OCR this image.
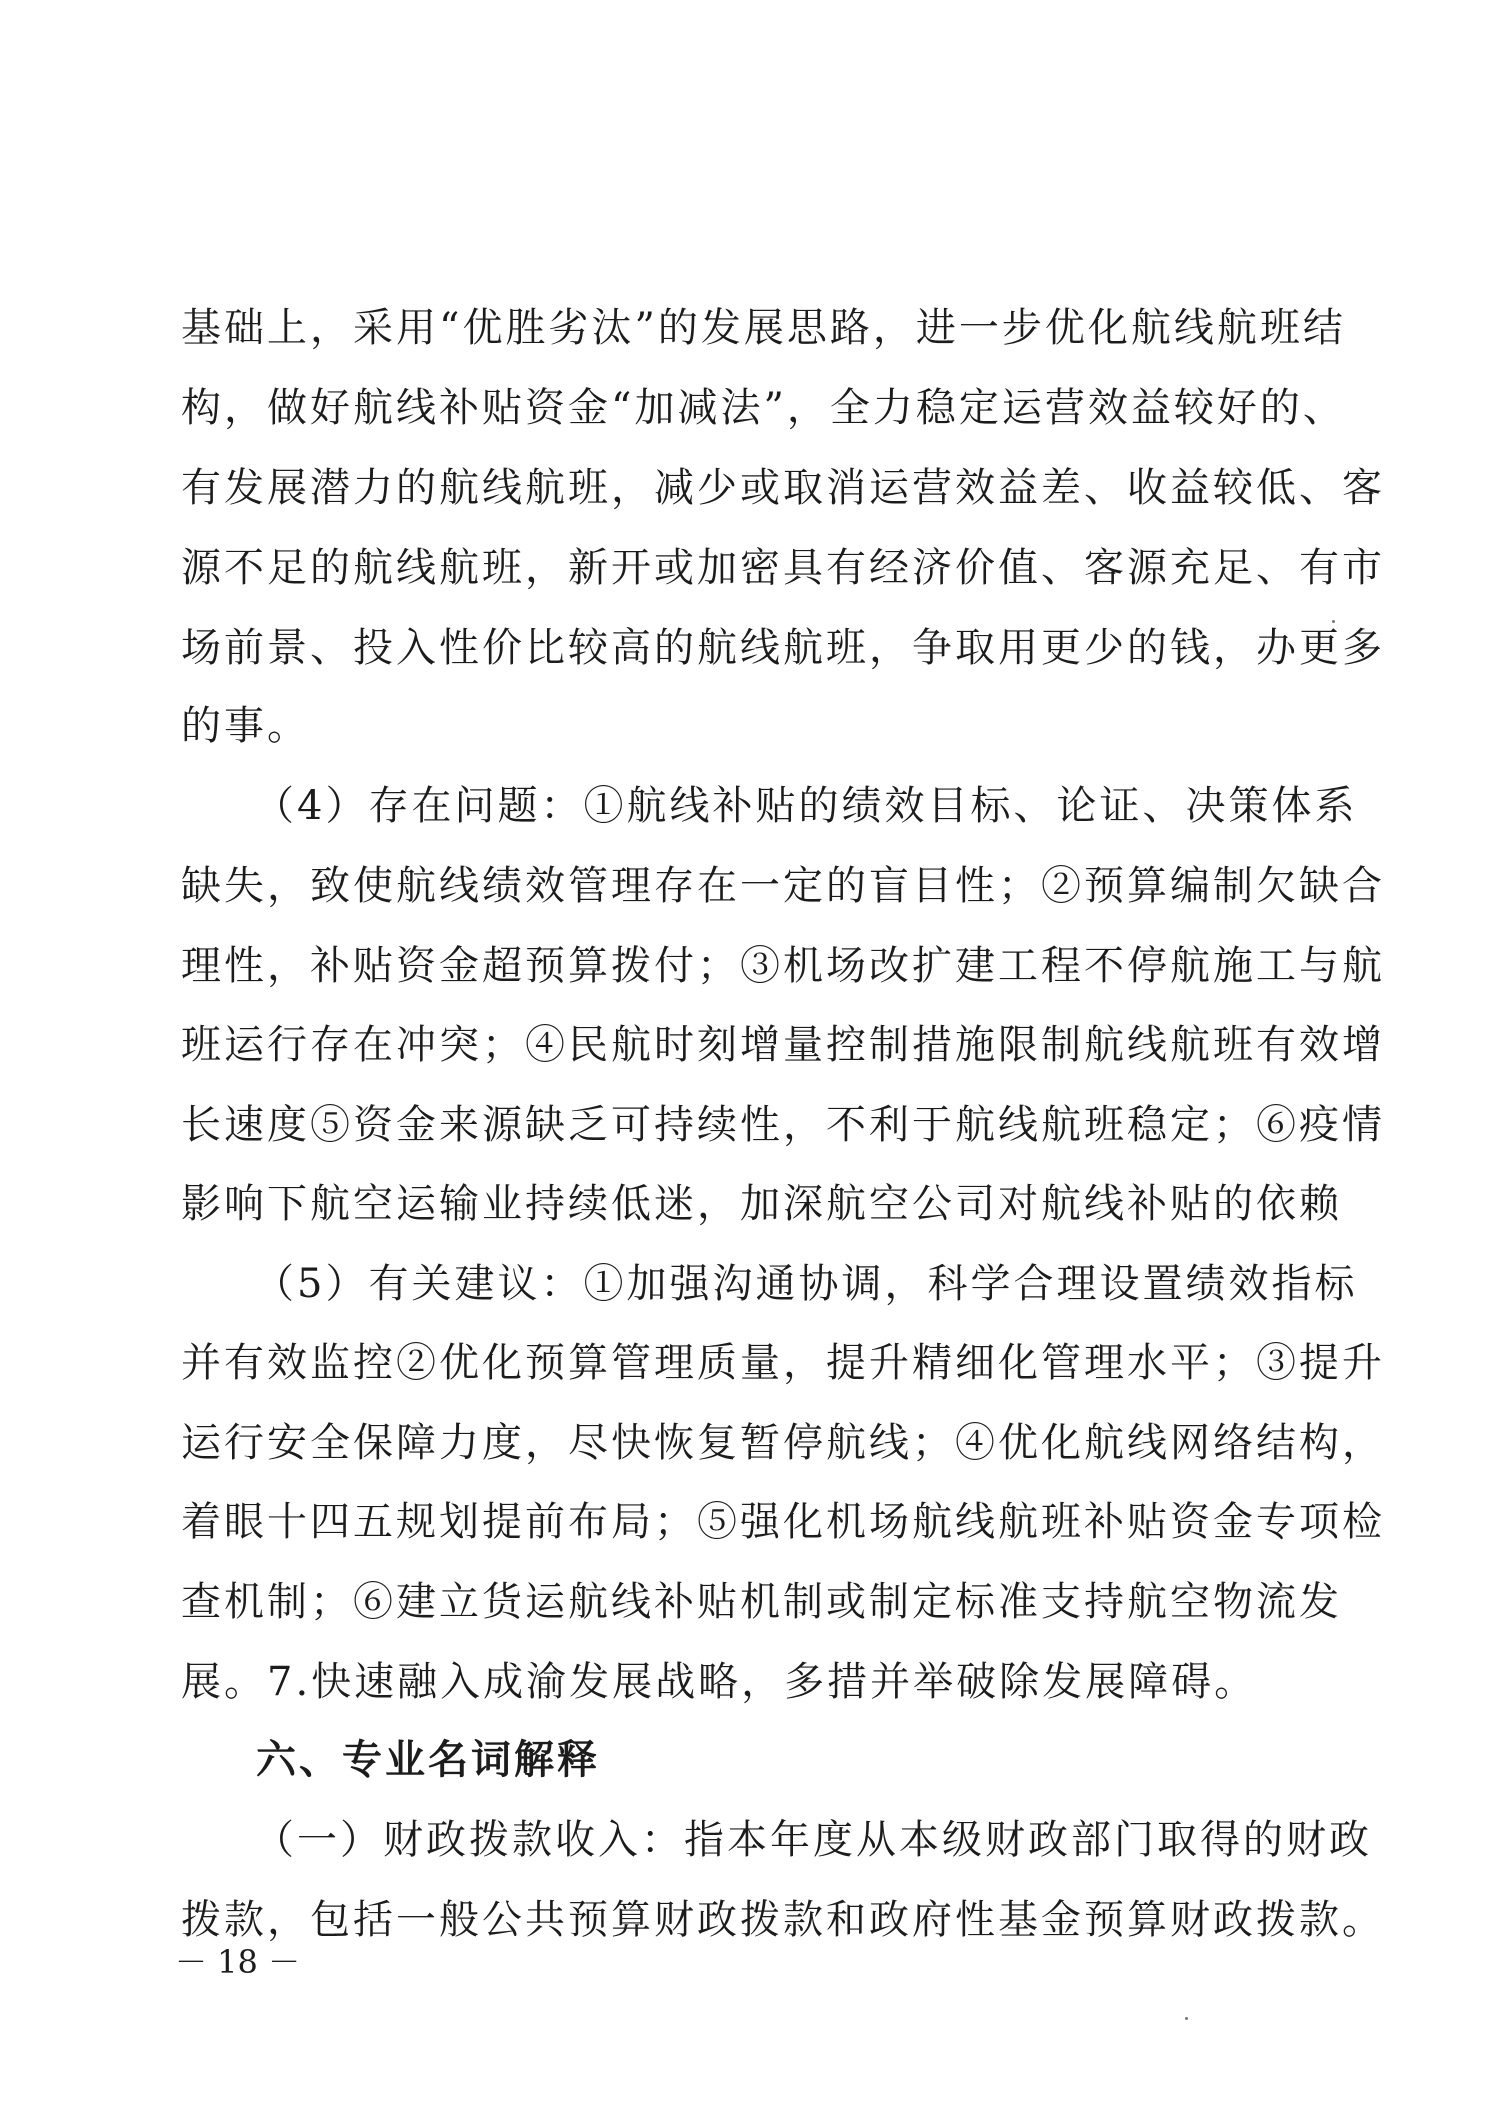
基础上，采用“优胜劣汰”的发展思路，进一步优化航线航班结
构，做好航线补贴资金“加减法”，全力稳定运营效益较好的、
有发展潜力的航线航班，减少或取消运营效益差、收益较低、客
源不足的航线航班，新开或加密具有经济价值、客源充足、有市
场前景、投入性价比较高的航线航班，争取用更少的钱，办更多
的事。
（4）存在问题：①航线补贴的绩效目标、论证、决策体系
缺失，致使航线绩效管理存在一定的盲目性；②预算编制欠缺合
理性，补贴资金超预算拨付；③机场改扩建工程不停航施工与航
班运行存在冲突；④民航时刻增量控制措施限制航线航班有效增
长速度⑤资金来源缺乏可持续性，不利于航线航班稳定；⑥疫情
影响下航空运输业持续低迷，加深航空公司对航线补贴的依赖
（5）有关建议：①加强沟通协调，科学合理设置绩效指标
并有效监控②优化预算管理质量，提升精细化管理水平；③提升
运行安全保障力度，尽快恢复暂停航线；④优化航线网络结构，
着眼十四五规划提前布局；⑤强化机场航线航班补贴资金专项检
查机制；⑥建立货运航线补贴机制或制定标准支持航空物流发
展。7.快速融入成渝发展战略，多措并举破除发展障碍。
六、专业名词解释
（一）财政拨款收入：指本年度从本级财政部门取得的财政
拨款，包括一般公共预算财政拨款和政府性基金预算财政拨款。
－ 18 －
